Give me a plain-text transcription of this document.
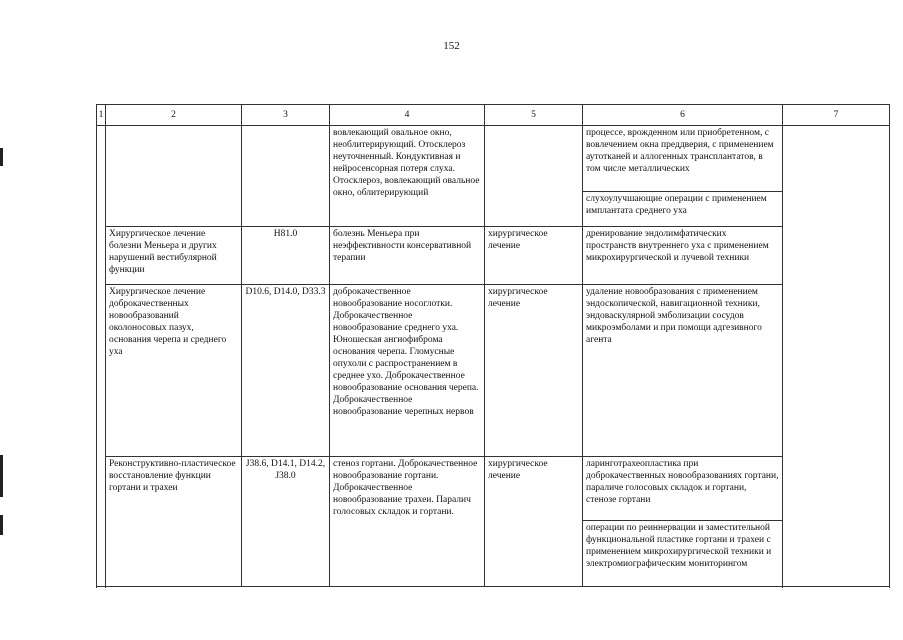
152
1	2	3	4	5	6	7
			вовлекающий овальное окно, необлитерирующий. Отосклероз неуточненный. Кондуктивная и нейросенсорная потеря слуха. Отосклероз, вовлекающий овальное окно, облитерирующий		процессе, врожденном или приобретенном, с вовлечением окна преддверия, с применением аутотканей и аллогенных трансплантатов, в том числе металлических	
					слухоулучшающие операции с применением имплантата среднего уха	
	Хирургическое лечение болезни Меньера и других нарушений вестибулярной функции	H81.0	болезнь Меньера при неэффективности консервативной терапии	хирургическое лечение	дренирование эндолимфатических пространств внутреннего уха с применением микрохирургической и лучевой техники	
	Хирургическое лечение доброкачественных новообразований околоносовых пазух, основания черепа и среднего уха	D10.6, D14.0, D33.3	доброкачественное новообразование носоглотки. Доброкачественное новообразование среднего уха. Юношеская ангиофиброма основания черепа. Гломусные опухоли с распространением в среднее ухо. Доброкачественное новообразование основания черепа. Доброкачественное новообразование черепных нервов	хирургическое лечение	удаление новообразования с применением эндоскопической, навигационной техники, эндоваскулярной эмболизации сосудов микроэмболами и при помощи адгезивного агента	
	Реконструктивно-пластическое восстановление функции гортани и трахеи	J38.6, D14.1, D14.2, J38.0	стеноз гортани. Доброкачественное новообразование гортани. Доброкачественное новообразование трахеи. Паралич голосовых складок и гортани.	хирургическое лечение	ларинготрахеопластика при доброкачественных новообразованиях гортани, параличе голосовых складок и гортани, стенозе гортани	
					операции по реиннервации и заместительной функциональной пластике гортани и трахеи с применением микрохирургической техники и электромиографическим мониторингом	
